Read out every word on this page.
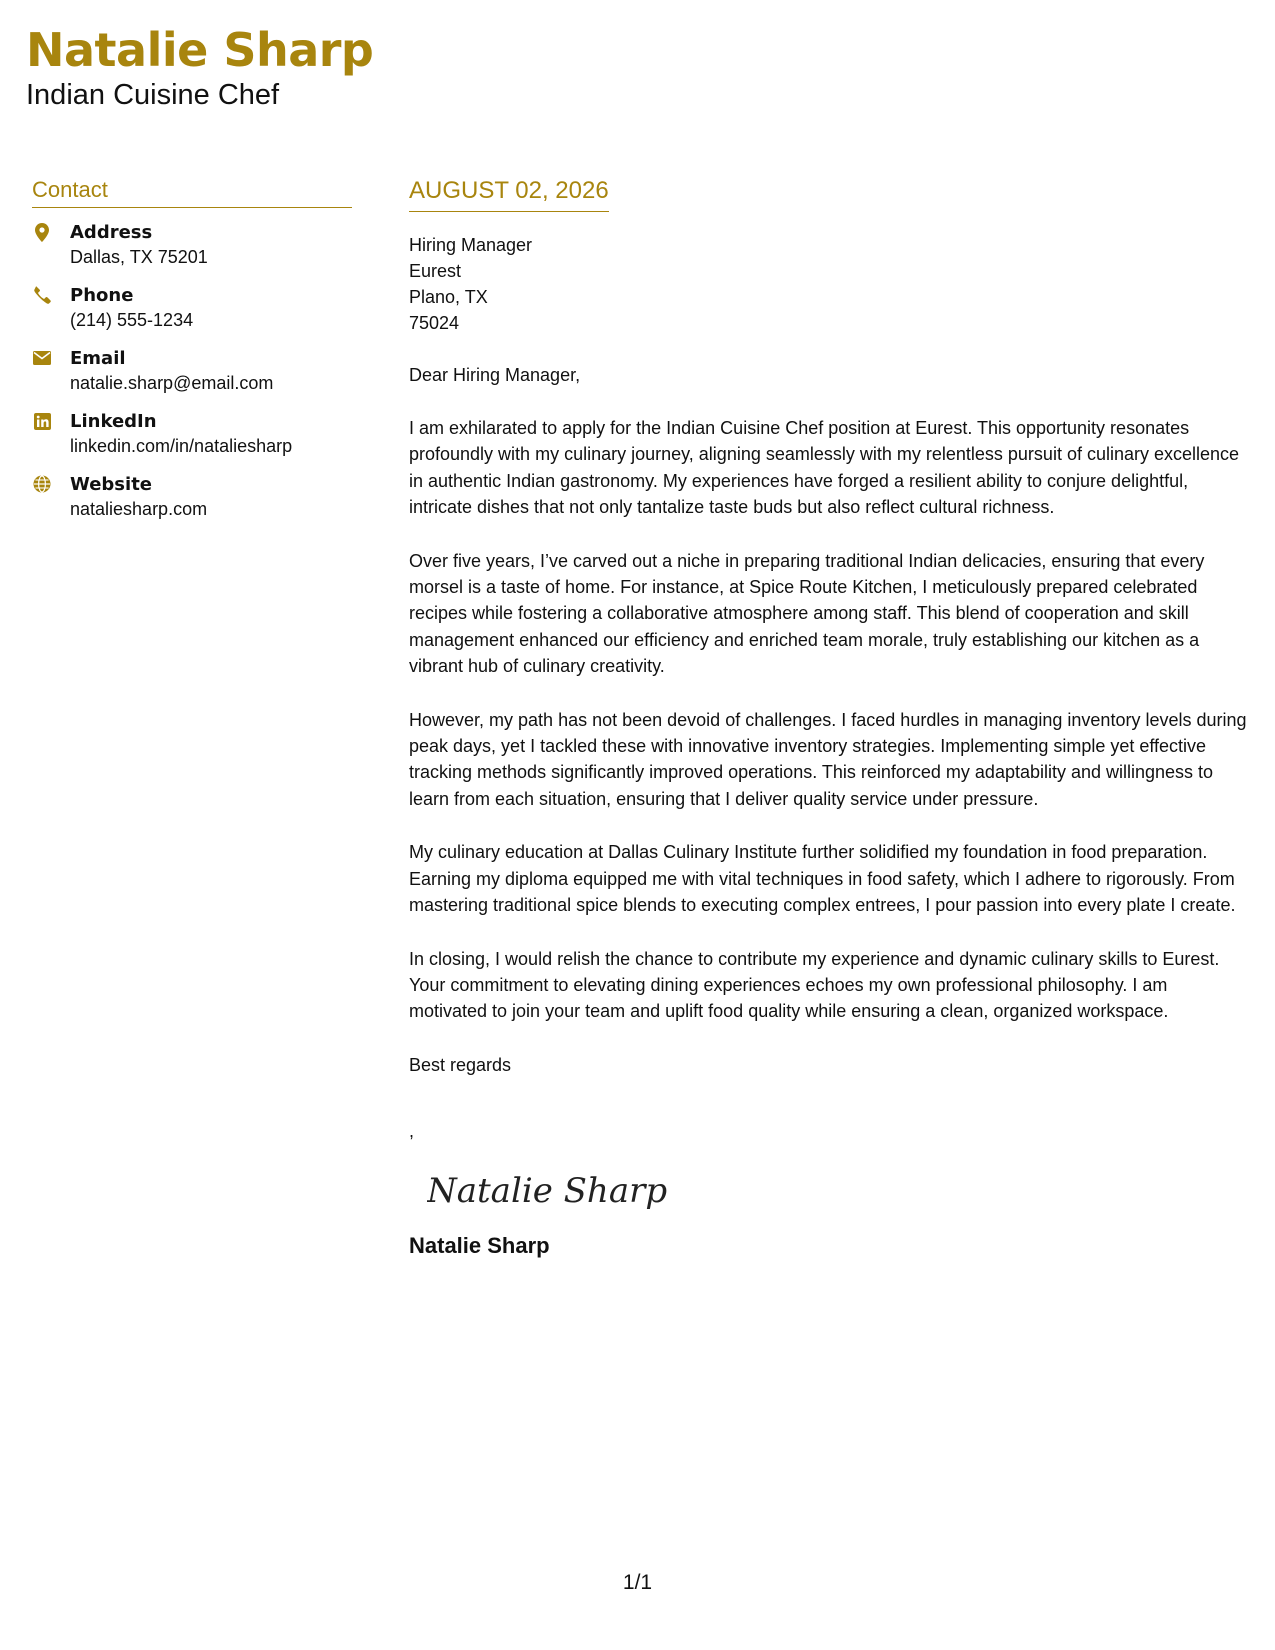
Natalie Sharp
Indian Cuisine Chef
Contact
Address
Dallas, TX 75201
Phone
(214) 555-1234
Email
natalie.sharp@email.com
LinkedIn
linkedin.com/in/nataliesharp
Website
nataliesharp.com
AUGUST 02, 2026
Hiring Manager
Eurest
Plano, TX
75024
Dear Hiring Manager,

I am exhilarated to apply for the Indian Cuisine Chef position at Eurest. This opportunity resonates profoundly with my culinary journey, aligning seamlessly with my relentless pursuit of culinary excellence in authentic Indian gastronomy. My experiences have forged a resilient ability to conjure delightful, intricate dishes that not only tantalize taste buds but also reflect cultural richness.

Over five years, I’ve carved out a niche in preparing traditional Indian delicacies, ensuring that every morsel is a taste of home. For instance, at Spice Route Kitchen, I meticulously prepared celebrated recipes while fostering a collaborative atmosphere among staff. This blend of cooperation and skill management enhanced our efficiency and enriched team morale, truly establishing our kitchen as a vibrant hub of culinary creativity.

However, my path has not been devoid of challenges. I faced hurdles in managing inventory levels during peak days, yet I tackled these with innovative inventory strategies. Implementing simple yet effective tracking methods significantly improved operations. This reinforced my adaptability and willingness to learn from each situation, ensuring that I deliver quality service under pressure.

My culinary education at Dallas Culinary Institute further solidified my foundation in food preparation. Earning my diploma equipped me with vital techniques in food safety, which I adhere to rigorously. From mastering traditional spice blends to executing complex entrees, I pour passion into every plate I create.

In closing, I would relish the chance to contribute my experience and dynamic culinary skills to Eurest. Your commitment to elevating dining experiences echoes my own professional philosophy. I am motivated to join your team and uplift food quality while ensuring a clean, organized workspace.

Best regards
,
Natalie Sharp
Natalie Sharp
1/1
